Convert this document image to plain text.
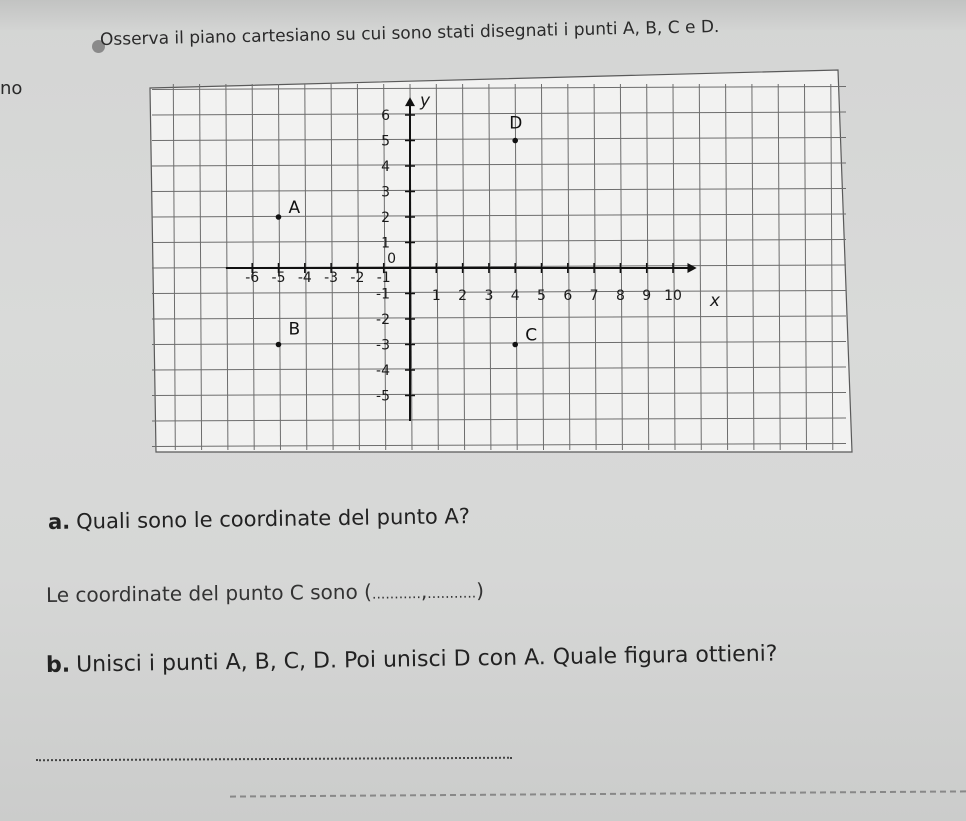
no
Osserva il piano cartesiano su cui sono stati disegnati i punti A, B, C e D.
-6 -5 -4 -3 -2 -1
1 2 3 4 5 6 7 8 9 10
6
5
4
3
2
1
-1
-2
-3
-4
-5
0
x
y
A
B	C
D
a. Quali sono le coordinate del punto A?
Le coordinate del punto C sono (...........,...........)
b. Unisci i punti A, B, C, D. Poi unisci D con A. Quale figura ottieni?
